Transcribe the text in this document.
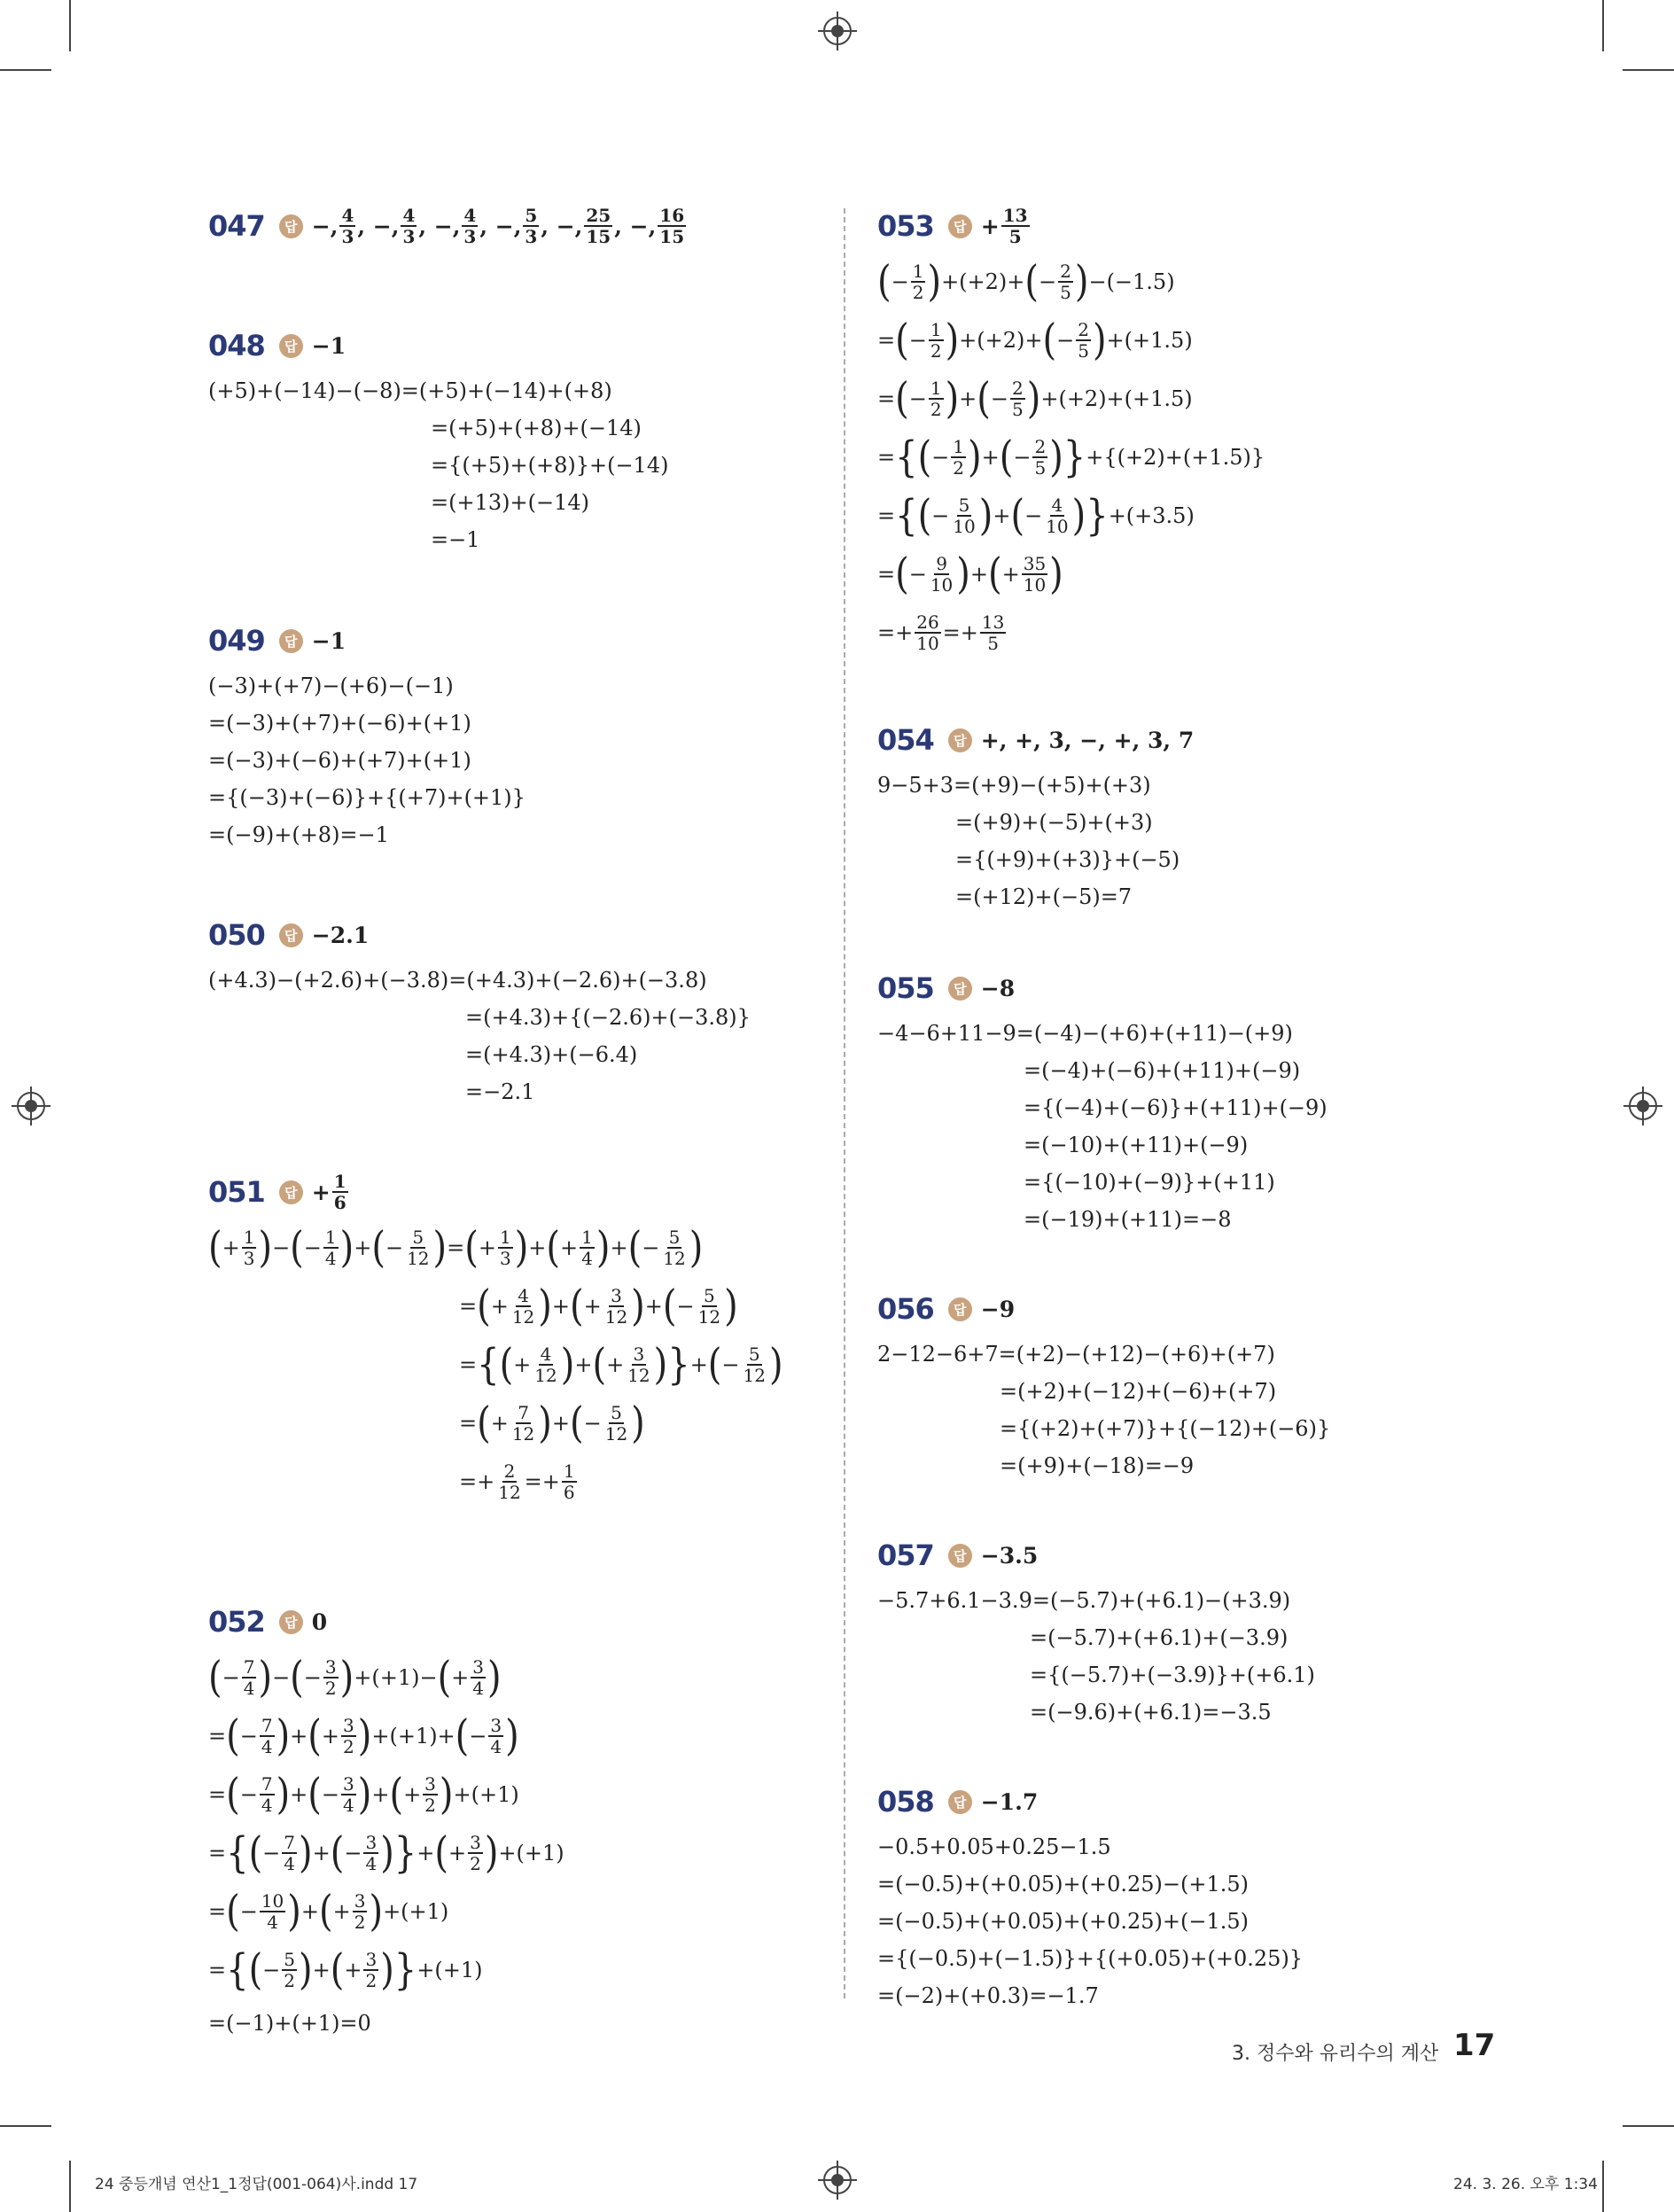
047	답 −, $\frac{4}{3}$ , −, $\frac{4}{3}$ , −, $\frac{4}{3}$ , −, $\frac{5}{3}$ , −, $\frac{25}{15}$ , −, $\frac{16}{15}$
048	답 −1
(+5)+(−14)−(−8)=(+5)+(−14)+(+8)
=(+5)+(+8)+(−14)
={(+5)+(+8)}+(−14)
=(+13)+(−14)
=−1
049	답 −1
(−3)+(+7)−(+6)−(−1)
=(−3)+(+7)+(−6)+(+1)
=(−3)+(−6)+(+7)+(+1)
={(−3)+(−6)}+{(+7)+(+1)}
=(−9)+(+8)=−1
050	답 −2.1
(+4.3)−(+2.6)+(−3.8)=(+4.3)+(−2.6)+(−3.8)
=(+4.3)+{(−2.6)+(−3.8)}
=(+4.3)+(−6.4)
=−2.1
051	답 + $\frac{1}{6}$
( + $\frac{1}{3}$ ) − ( − $\frac{1}{4}$ ) + ( − $\frac{5}{12}$ ) = ( + $\frac{1}{3}$ ) + ( + $\frac{1}{4}$ ) + ( − $\frac{5}{12}$ )
= ( + $\frac{4}{12}$ ) + ( + $\frac{3}{12}$ ) + ( − $\frac{5}{12}$ )
= { ( + $\frac{4}{12}$ ) + ( + $\frac{3}{12}$ ) } + ( − $\frac{5}{12}$ )
= ( + $\frac{7}{12}$ ) + ( − $\frac{5}{12}$ )
=+ $\frac{2}{12} =+ \frac{1}{6}$
052	답 0
( − $\frac{7}{4}$ ) − ( − $\frac{3}{2}$ ) +(+1)− ( + $\frac{3}{4}$ )
= ( − $\frac{7}{4}$ ) + ( + $\frac{3}{2}$ ) +(+1)+ ( − $\frac{3}{4}$ )
= ( − $\frac{7}{4}$ ) + ( − $\frac{3}{4}$ ) + ( + $\frac{3}{2}$ ) +(+1)
= { ( − $\frac{7}{4}$ ) + ( − $\frac{3}{4}$ ) } + ( + $\frac{3}{2}$ ) +(+1)
= ( − $\frac{10}{4}$ ) + ( + $\frac{3}{2}$ ) +(+1)
= { ( − $\frac{5}{2}$ ) + ( + $\frac{3}{2}$ ) } +(+1)
=(−1)+(+1)=0
053	답 + $\frac{13}{5}$
( − $\frac{1}{2}$ ) +(+2)+ ( − $\frac{2}{5}$ ) −(−1.5)
= ( − $\frac{1}{2}$ ) +(+2)+ ( − $\frac{2}{5}$ ) +(+1.5)
= ( − $\frac{1}{2}$ ) + ( − $\frac{2}{5}$ ) +(+2)+(+1.5)
= { ( − $\frac{1}{2}$ ) + ( − $\frac{2}{5}$ ) } +{(+2)+(+1.5)}
= { ( − $\frac{5}{10}$ ) + ( − $\frac{4}{10}$ ) } +(+3.5)
= ( − $\frac{9}{10}$ ) + ( + $\frac{35}{10}$ )
=+ $\frac{26}{10} =+ \frac{13}{5}$
054	답 +, +, 3, −, +, 3, 7
9−5+3=(+9)−(+5)+(+3)
=(+9)+(−5)+(+3)
={(+9)+(+3)}+(−5)
=(+12)+(−5)=7
055	답 −8
−4−6+11−9=(−4)−(+6)+(+11)−(+9)
=(−4)+(−6)+(+11)+(−9)
={(−4)+(−6)}+(+11)+(−9)
=(−10)+(+11)+(−9)
={(−10)+(−9)}+(+11)
=(−19)+(+11)=−8
056	답 −9
2−12−6+7=(+2)−(+12)−(+6)+(+7)
=(+2)+(−12)+(−6)+(+7)
={(+2)+(+7)}+{(−12)+(−6)}
=(+9)+(−18)=−9
057	답 −3.5
−5.7+6.1−3.9=(−5.7)+(+6.1)−(+3.9)
=(−5.7)+(+6.1)+(−3.9)
={(−5.7)+(−3.9)}+(+6.1)
=(−9.6)+(+6.1)=−3.5
058	답 −1.7
−0.5+0.05+0.25−1.5
=(−0.5)+(+0.05)+(+0.25)−(+1.5)
=(−0.5)+(+0.05)+(+0.25)+(−1.5)
={(−0.5)+(−1.5)}+{(+0.05)+(+0.25)}
=(−2)+(+0.3)=−1.7
3. 정수와 유리수의 계산 17
24 중등개념 연산1_1정답(001-064)사.indd 17	24. 3. 26. 오후 1:34
